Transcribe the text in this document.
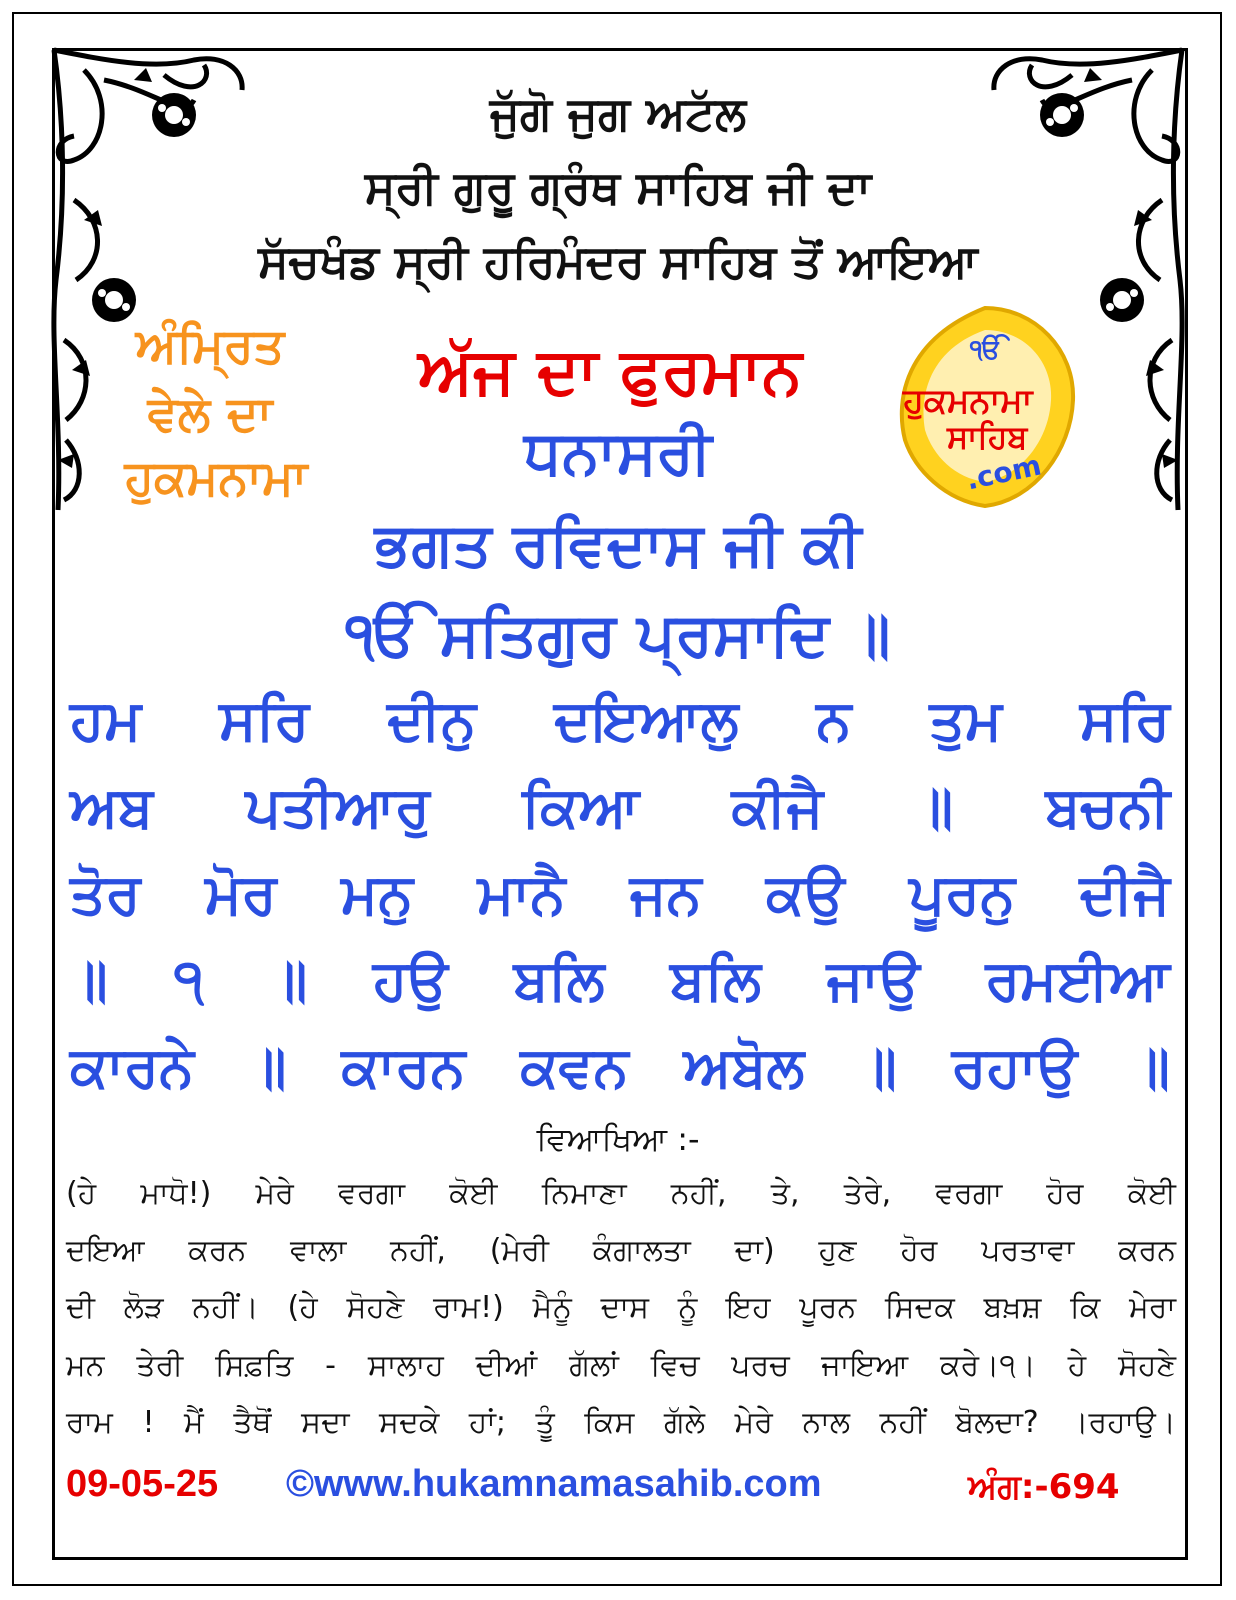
ਜੁੱਗੋ ਜੁਗ ਅਟੱਲ
ਸ੍ਰੀ ਗੁਰੂ ਗ੍ਰੰਥ ਸਾਹਿਬ ਜੀ ਦਾ
ਸੱਚਖੰਡ ਸ੍ਰੀ ਹਰਿਮੰਦਰ ਸਾਹਿਬ ਤੋਂ ਆਇਆ
ਅੰਮ੍ਰਿਤ
ਵੇਲੇ ਦਾ
ਹੁਕਮਨਾਮਾ
ਅੱਜ ਦਾ ਫੁਰਮਾਨ	ੴ
ਹੁਕਮਨਾਮਾ
ਸਾਹਿਬ
.com
ਧਨਾਸਰੀ
ਭਗਤ ਰਵਿਦਾਸ ਜੀ ਕੀ
ੴ ਸਤਿਗੁਰ ਪ੍ਰਸਾਦਿ ॥
ਹਮ ਸਰਿ ਦੀਨੁ ਦਇਆਲੁ ਨ ਤੁਮ ਸਰਿ
ਅਬ ਪਤੀਆਰੁ ਕਿਆ ਕੀਜੈ ॥ ਬਚਨੀ
ਤੋਰ ਮੋਰ ਮਨੁ ਮਾਨੈ ਜਨ ਕਉ ਪੂਰਨੁ ਦੀਜੈ
॥ ੧ ॥ ਹਉ ਬਲਿ ਬਲਿ ਜਾਉ ਰਮਈਆ
ਕਾਰਨੇ ॥ ਕਾਰਨ ਕਵਨ ਅਬੋਲ ॥ ਰਹਾਉ ॥
ਵਿਆਖਿਆ :-
(ਹੇ ਮਾਧੋ!) ਮੇਰੇ ਵਰਗਾ ਕੋਈ ਨਿਮਾਣਾ ਨਹੀਂ, ਤੇ, ਤੇਰੇ, ਵਰਗਾ ਹੋਰ ਕੋਈ
ਦਇਆ ਕਰਨ ਵਾਲਾ ਨਹੀਂ, (ਮੇਰੀ ਕੰਗਾਲਤਾ ਦਾ) ਹੁਣ ਹੋਰ ਪਰਤਾਵਾ ਕਰਨ
ਦੀ ਲੋੜ ਨਹੀਂ। (ਹੇ ਸੋਹਣੇ ਰਾਮ!) ਮੈਨੂੰ ਦਾਸ ਨੂੰ ਇਹ ਪੂਰਨ ਸਿਦਕ ਬਖ਼ਸ਼ ਕਿ ਮੇਰਾ
ਮਨ ਤੇਰੀ ਸਿਫ਼ਤਿ - ਸਾਲਾਹ ਦੀਆਂ ਗੱਲਾਂ ਵਿਚ ਪਰਚ ਜਾਇਆ ਕਰੇ।੧। ਹੇ ਸੋਹਣੇ
ਰਾਮ ! ਮੈਂ ਤੈਥੋਂ ਸਦਾ ਸਦਕੇ ਹਾਂ; ਤੂੰ ਕਿਸ ਗੱਲੇ ਮੇਰੇ ਨਾਲ ਨਹੀਂ ਬੋਲਦਾ? ।ਰਹਾਉ।
09-05-25 ©www.hukamnamasahib.com	ਅੰਗ:-694
